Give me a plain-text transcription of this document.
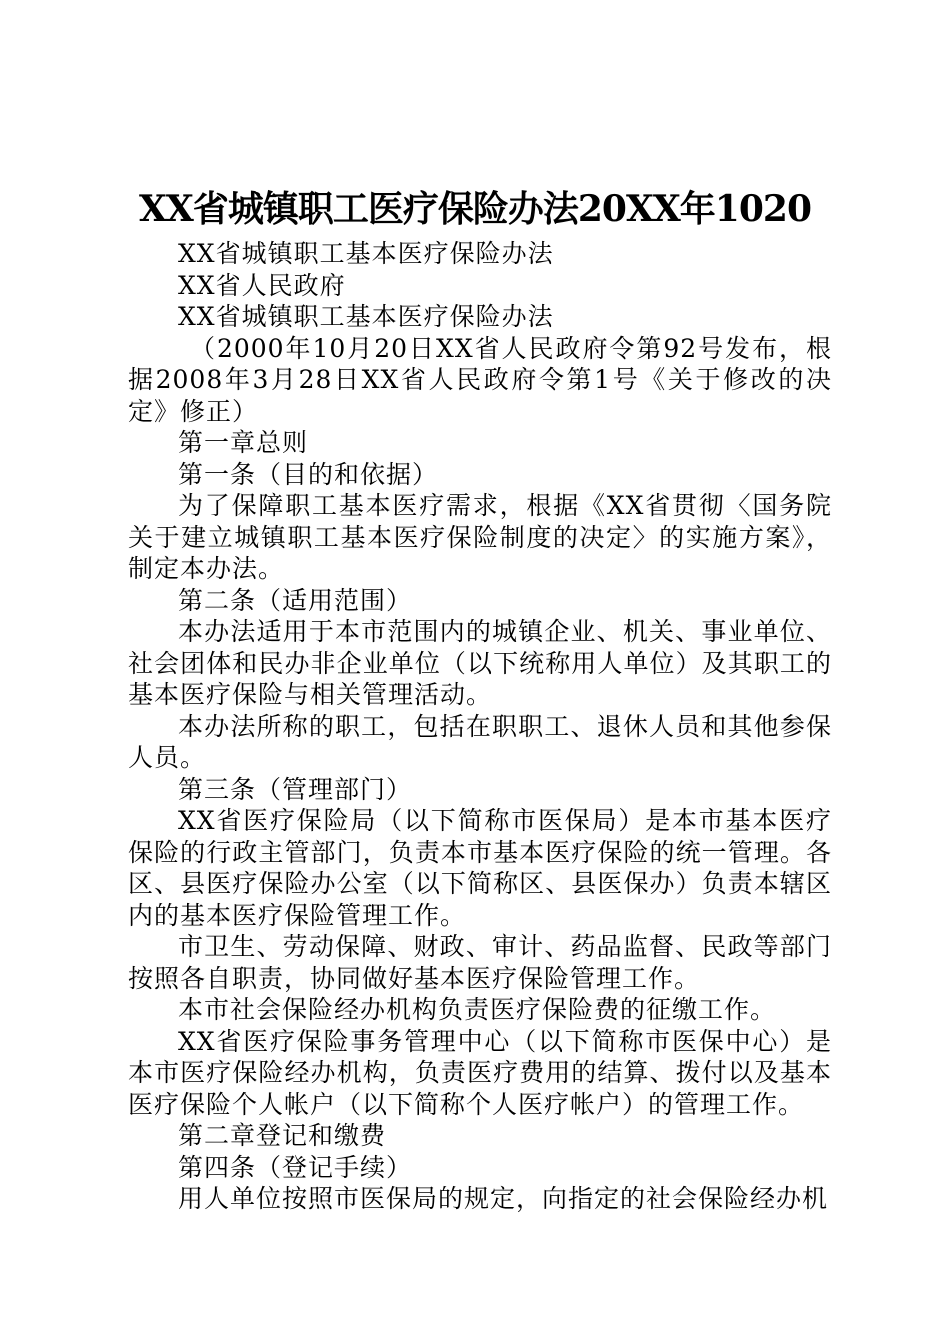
XX省城镇职工医疗保险办法20XX年1020

XX省城镇职工基本医疗保险办法

XX省人民政府

XX省城镇职工基本医疗保险办法

（2000年10月20日XX省人民政府令第92号发布，根据2008年3月28日XX省人民政府令第1号《关于修改的决定》修正）

第一章总则

第一条（目的和依据）

为了保障职工基本医疗需求，根据《XX省贯彻〈国务院关于建立城镇职工基本医疗保险制度的决定〉的实施方案》，制定本办法。

第二条（适用范围）

本办法适用于本市范围内的城镇企业、机关、事业单位、社会团体和民办非企业单位（以下统称用人单位）及其职工的基本医疗保险与相关管理活动。

本办法所称的职工，包括在职职工、退休人员和其他参保人员。

第三条（管理部门）

XX省医疗保险局（以下简称市医保局）是本市基本医疗保险的行政主管部门，负责本市基本医疗保险的统一管理。各区、县医疗保险办公室（以下简称区、县医保办）负责本辖区内的基本医疗保险管理工作。

市卫生、劳动保障、财政、审计、药品监督、民政等部门按照各自职责，协同做好基本医疗保险管理工作。

本市社会保险经办机构负责医疗保险费的征缴工作。

XX省医疗保险事务管理中心（以下简称市医保中心）是本市医疗保险经办机构，负责医疗费用的结算、拨付以及基本医疗保险个人帐户（以下简称个人医疗帐户）的管理工作。

第二章登记和缴费

第四条（登记手续）

用人单位按照市医保局的规定，向指定的社会保险经办机
